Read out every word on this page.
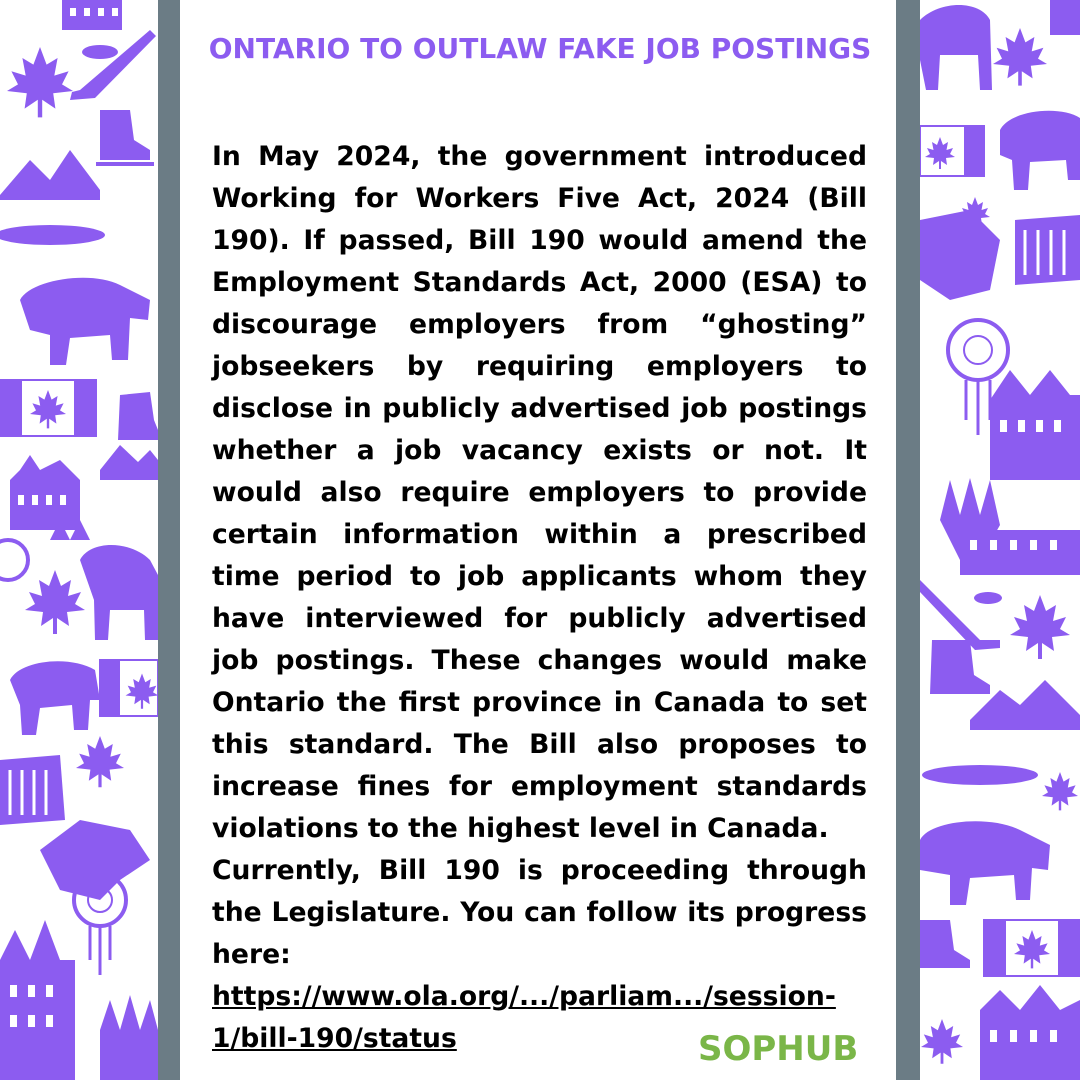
ONTARIO TO OUTLAW FAKE JOB POSTINGS

In May 2024, the government introduced Working for Workers Five Act, 2024 (Bill 190). If passed, Bill 190 would amend the Employment Standards Act, 2000 (ESA) to discourage employers from “ghosting” jobseekers by requiring employers to disclose in publicly advertised job postings whether a job vacancy exists or not. It would also require employers to provide certain information within a prescribed time period to job applicants whom they have interviewed for publicly advertised job postings. These changes would make Ontario the first province in Canada to set this standard. The Bill also proposes to increase fines for employment standards violations to the highest level in Canada.

Currently, Bill 190 is proceeding through the Legislature. You can follow its progress here:

https://www.ola.org/.../parliam.../session-1/bill-190/status	SOPHUB
